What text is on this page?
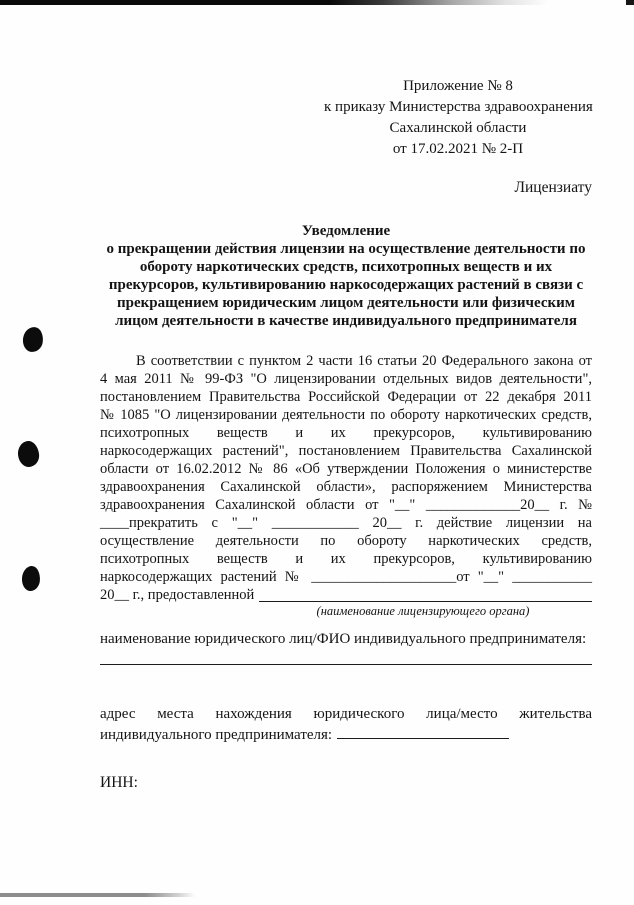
Приложение № 8
к приказу Министерства здравоохранения
Сахалинской области
от 17.02.2021 № 2-П
Лицензиату
Уведомление
о прекращении действия лицензии на осуществление деятельности по
обороту наркотических средств, психотропных веществ и их
прекурсоров, культивированию наркосодержащих растений в связи с
прекращением юридическим лицом деятельности или физическим
лицом деятельности в качестве индивидуального предпринимателя
В соответствии с пунктом 2 части 16 статьи 20 Федерального закона от
4 мая 2011 № 99-ФЗ "О лицензировании отдельных видов деятельности",
постановлением Правительства Российской Федерации от 22 декабря 2011
№ 1085 "О лицензировании деятельности по обороту наркотических средств,
психотропных веществ и их прекурсоров, культивированию
наркосодержащих растений", постановлением Правительства Сахалинской
области от 16.02.2012 № 86 «Об утверждении Положения о министерстве
здравоохранения Сахалинской области», распоряжением Министерства
здравоохранения Сахалинской области от "__" _____________20__ г. №
____прекратить с "__" ____________ 20__ г. действие лицензии на
осуществление деятельности по обороту наркотических средств,
психотропных веществ и их прекурсоров, культивированию
наркосодержащих растений № ____________________от "__" ___________
20__ г., предоставленной
(наименование лицензирующего органа)
наименование юридического лиц/ФИО индивидуального предпринимателя:
адрес места нахождения юридического лица/место жительства
индивидуального предпринимателя:
ИНН:
